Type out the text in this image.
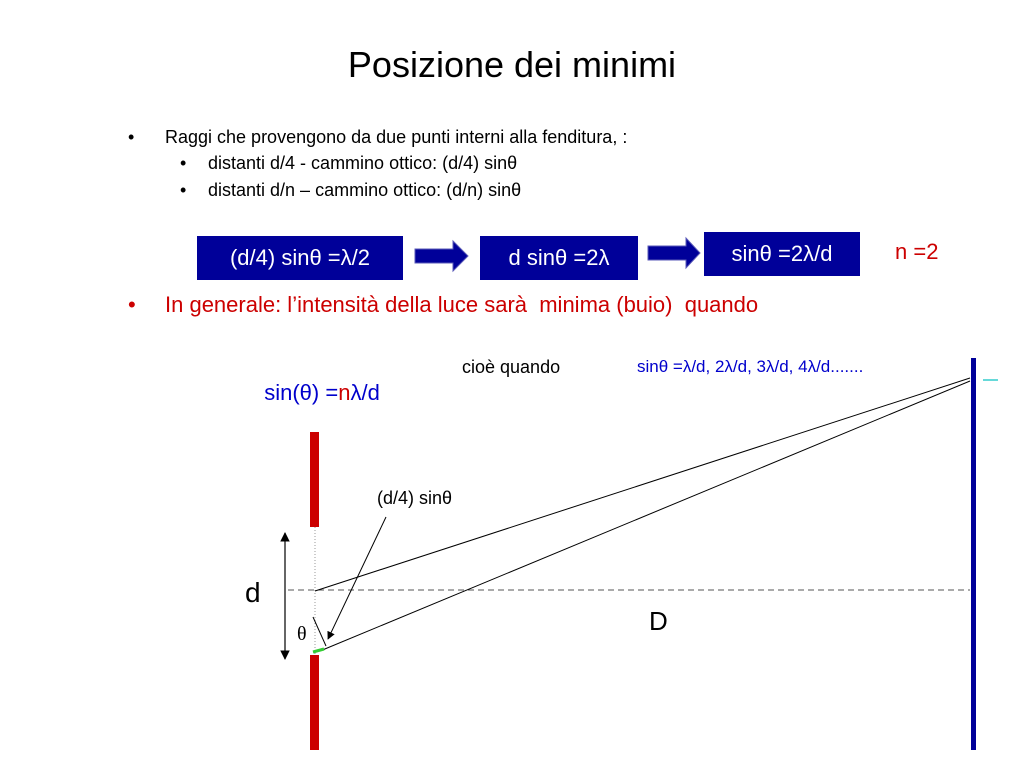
(d/4) sinθ
d
D
θ
Posizione dei minimi
• Raggi che provengono da due punti interni alla fenditura, :
• distanti d/4 - cammino ottico: (d/4) sinθ
• distanti d/n – cammino ottico: (d/n) sinθ
(d/4) sinθ =λ/2	d sinθ =2λ	sinθ =2λ/d	n =2
• In generale: l’intensità della luce sarà  minima (buio)  quando

sin(θ) =nλ/d

cioè quando	sinθ =λ/d, 2λ/d, 3λ/d, 4λ/d.......
